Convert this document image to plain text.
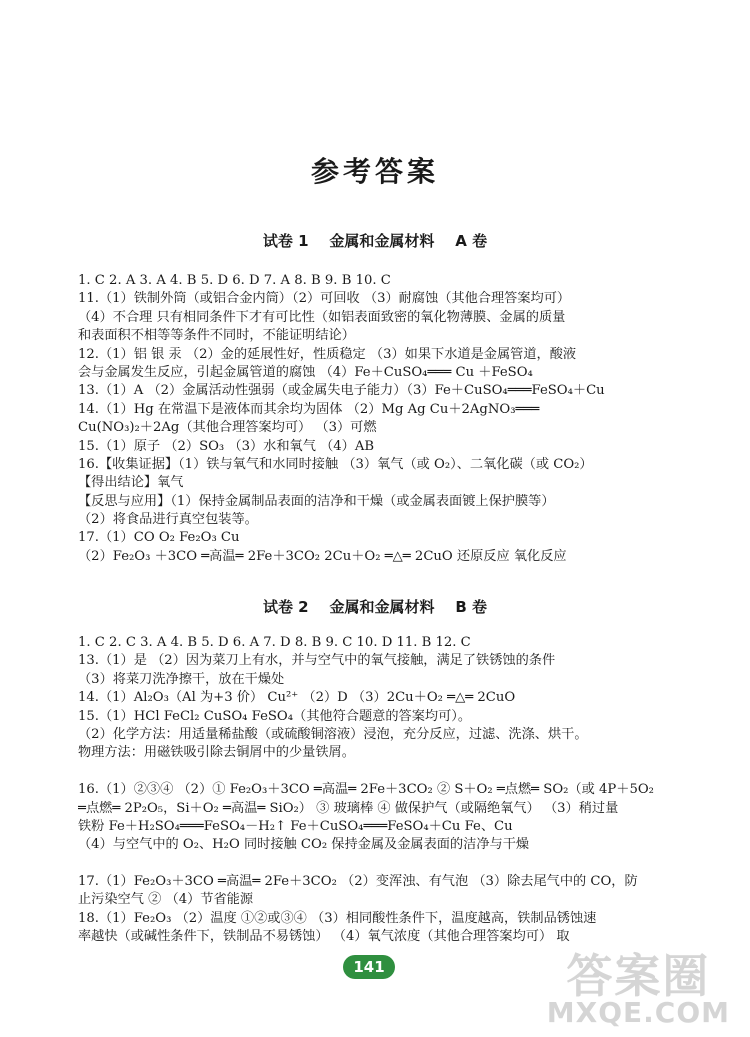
参考答案
试卷 1    金属和金属材料    A 卷
1. C 2. A 3. A 4. B 5. D 6. D 7. A 8. B 9. B 10. C
11.（1）铁制外筒（或铝合金内筒）（2）可回收 （3）耐腐蚀（其他合理答案均可）
（4）不合理 只有相同条件下才有可比性（如铝表面致密的氧化物薄膜、金属的质量
和表面积不相等等条件不同时，不能证明结论）
12.（1）铝 银 汞 （2）金的延展性好，性质稳定 （3）如果下水道是金属管道，酸液
会与金属发生反应，引起金属管道的腐蚀 （4）Fe＋CuSO₄═══ Cu ＋FeSO₄
13.（1）A （2）金属活动性强弱（或金属失电子能力）（3）Fe＋CuSO₄═══FeSO₄＋Cu
14.（1）Hg 在常温下是液体而其余均为固体 （2）Mg Ag Cu＋2AgNO₃═══
Cu(NO₃)₂＋2Ag（其他合理答案均可） （3）可燃
15.（1）原子 （2）SO₃ （3）水和氧气 （4）AB
16.【收集证据】（1）铁与氧气和水同时接触 （3）氧气（或 O₂）、二氧化碳（或 CO₂）
【得出结论】氧气
【反思与应用】（1）保持金属制品表面的洁净和干燥（或金属表面镀上保护膜等）
（2）将食品进行真空包装等。
17.（1）CO O₂ Fe₂O₃ Cu
（2）Fe₂O₃ ＋3CO ═高温═ 2Fe＋3CO₂ 2Cu＋O₂ ═△═ 2CuO 还原反应 氧化反应
试卷 2    金属和金属材料    B 卷
1. C 2. C 3. A 4. B 5. D 6. A 7. D 8. B 9. C 10. D 11. B 12. C
13.（1）是 （2）因为菜刀上有水，并与空气中的氧气接触，满足了铁锈蚀的条件
（3）将菜刀洗净擦干，放在干燥处
14.（1）Al₂O₃（Al 为+3 价） Cu²⁺ （2）D （3）2Cu＋O₂ ═△═ 2CuO
15.（1）HCl FeCl₂ CuSO₄ FeSO₄（其他符合题意的答案均可）。
（2）化学方法：用适量稀盐酸（或硫酸铜溶液）浸泡，充分反应，过滤、洗涤、烘干。
物理方法：用磁铁吸引除去铜屑中的少量铁屑。
16.（1）②③④ （2）① Fe₂O₃＋3CO ═高温═ 2Fe＋3CO₂ ② S＋O₂ ═点燃═ SO₂（或 4P＋5O₂
═点燃═ 2P₂O₅，Si＋O₂ ═高温═ SiO₂） ③ 玻璃棒 ④ 做保护气（或隔绝氧气） （3）稍过量
铁粉 Fe＋H₂SO₄═══FeSO₄－H₂↑ Fe＋CuSO₄═══FeSO₄＋Cu Fe、Cu
（4）与空气中的 O₂、H₂O 同时接触 CO₂ 保持金属及金属表面的洁净与干燥
17.（1）Fe₂O₃＋3CO ═高温═ 2Fe＋3CO₂ （2）变浑浊、有气泡 （3）除去尾气中的 CO，防
止污染空气 ② （4）节省能源
18.（1）Fe₂O₃ （2）温度 ①②或③④ （3）相同酸性条件下，温度越高，铁制品锈蚀速
率越快（或碱性条件下，铁制品不易锈蚀） （4）氧气浓度（其他合理答案均可） 取
141	答案圈
MXQE.COM
